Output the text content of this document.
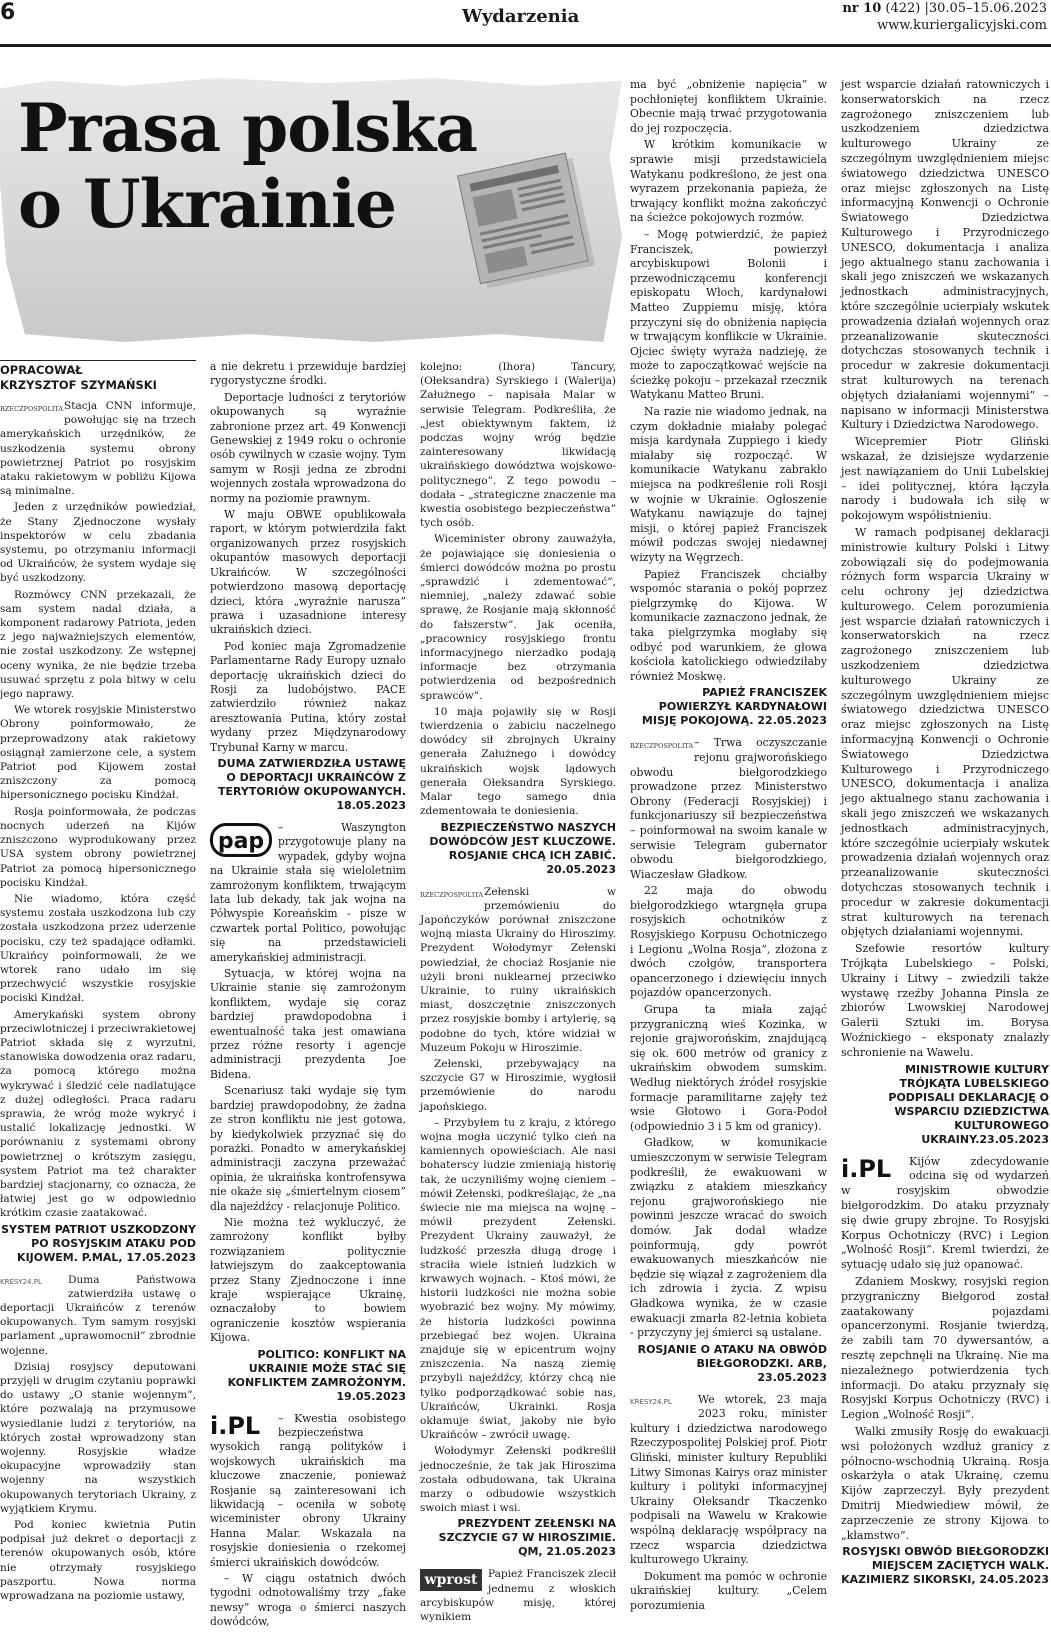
6	Wydarzenia	nr 10 (422) |30.05–15.06.2023
www.kuriergalicyjski.com
Prasa polska
o Ukrainie
OPRACOWAŁ
KRZYSZTOF SZYMAŃSKI
RZECZPOSPOLITA Stacja CNN informuje, powołując się na trzech amerykańskich urzędników, że uszkodzenia systemu obrony powietrznej Patriot po rosyjskim ataku rakietowym w pobliżu Kijowa są minimalne.

Jeden z urzędników powiedział, że Stany Zjednoczone wysłały inspektorów w celu zbadania systemu, po otrzymaniu informacji od Ukraińców, że system wydaje się być uszkodzony.

Rozmówcy CNN przekazali, że sam system nadal działa, a komponent radarowy Patriota, jeden z jego najważniejszych elementów, nie został uszkodzony. Ze wstępnej oceny wynika, że nie będzie trzeba usuwać sprzętu z pola bitwy w celu jego naprawy.

We wtorek rosyjskie Ministerstwo Obrony poinformowało, że przeprowadzony atak rakietowy osiągnął zamierzone cele, a system Patriot pod Kijowem został zniszczony za pomocą hipersonicznego pocisku Kindżał.

Rosja poinformowała, że podczas nocnych uderzeń na Kijów zniszczono wyprodukowany przez USA system obrony powietrznej Patriot za pomocą hipersonicznego pocisku Kindżał.

Nie wiadomo, która część systemu została uszkodzona lub czy została uszkodzona przez uderzenie pocisku, czy też spadające odłamki. Ukraińcy poinformowali, że we wtorek rano udało im się przechwycić wszystkie rosyjskie pociski Kindżał.

Amerykański system obrony przeciwlotniczej i przeciwrakietowej Patriot składa się z wyrzutni, stanowiska dowodzenia oraz radaru, za pomocą którego można wykrywać i śledzić cele nadlatujące z dużej odległości. Praca radaru sprawia, że wróg może wykryć i ustalić lokalizację jednostki. W porównaniu z systemami obrony powietrznej o krótszym zasięgu, system Patriot ma też charakter bardziej stacjonarny, co oznacza, że łatwiej jest go w odpowiednio krótkim czasie zaatakować.

SYSTEM PATRIOT USZKODZONY PO ROSYJSKIM ATAKU POD KIJOWEM. P.MAL, 17.05.2023
KRESY24.PL	Duma Państwowa zatwierdziła ustawę o deportacji Ukraińców z terenów okupowanych. Tym samym rosyjski parlament „uprawomocnił” zbrodnie wojenne.

Dzisiaj rosyjscy deputowani przyjęli w drugim czytaniu poprawki do ustawy „O stanie wojennym”, które pozwalają na przymusowe wysiedlanie ludzi z terytoriów, na których został wprowadzony stan wojenny. Rosyjskie władze okupacyjne wprowadziły stan wojenny na wszystkich okupowanych terytoriach Ukrainy, z wyjątkiem Krymu.

Pod koniec kwietnia Putin podpisał już dekret o deportacji z terenów okupowanych osób, które nie otrzymały rosyjskiego paszportu. Nowa norma wprowadzana na poziomie ustawy,

a nie dekretu i przewiduje bardziej rygorystyczne środki.

Deportacje ludności z terytoriów okupowanych są wyraźnie zabronione przez art. 49 Konwencji Genewskiej z 1949 roku o ochronie osób cywilnych w czasie wojny. Tym samym w Rosji jedna ze zbrodni wojennych została wprowadzona do normy na poziomie prawnym.

W maju OBWE opublikowała raport, w którym potwierdziła fakt organizowanych przez rosyjskich okupantów masowych deportacji Ukraińców. W szczególności potwierdzono masową deportację dzieci, która „wyraźnie narusza” prawa i uzasadnione interesy ukraińskich dzieci.

Pod koniec maja Zgromadzenie Parlamentarne Rady Europy uznało deportację ukraińskich dzieci do Rosji za ludobójstwo. PACE zatwierdziło również nakaz aresztowania Putina, który został wydany przez Międzynarodowy Trybunał Karny w marcu.

DUMA ZATWIERDZIŁA USTAWĘ O DEPORTACJI UKRAIŃCÓW Z TERYTORIÓW OKUPOWANYCH. 18.05.2023
pap

– Waszyngton przygotowuje plany na wypadek, gdyby wojna na Ukrainie stała się wieloletnim zamrożonym konfliktem, trwającym lata lub dekady, tak jak wojna na Półwyspie Koreańskim - pisze w czwartek portal Politico, powołując się na przedstawicieli amerykańskiej administracji.

Sytuacja, w której wojna na Ukrainie stanie się zamrożonym konfliktem, wydaje się coraz bardziej prawdopodobna i ewentualność taka jest omawiana przez różne resorty i agencje administracji prezydenta Joe Bidena.

Scenariusz taki wydaje się tym bardziej prawdopodobny, że żadna ze stron konfliktu nie jest gotowa, by kiedykolwiek przyznać się do porażki. Ponadto w amerykańskiej administracji zaczyna przeważać opinia, że ukraińska kontrofensywa nie okaże się „śmiertelnym ciosem” dla najeźdźcy - relacjonuje Politico.

Nie można też wykluczyć, że zamrożony konflikt byłby rozwiązaniem politycznie łatwiejszym do zaakceptowania przez Stany Zjednoczone i inne kraje wspierające Ukrainę, oznaczałoby to bowiem ograniczenie kosztów wspierania Kijowa.

POLITICO: KONFLIKT NA UKRAINIE MOŻE STAĆ SIĘ KONFLIKTEM ZAMROŻONYM. 19.05.2023
i.PL	– Kwestia osobistego bezpieczeństwa wysokich rangą polityków i wojskowych ukraińskich ma kluczowe znaczenie, ponieważ Rosjanie są zainteresowani ich likwidacją – oceniła w sobotę wiceminister obrony Ukrainy Hanna Malar. Wskazała na rosyjskie doniesienia o rzekomej śmierci ukraińskich dowódców.

– W ciągu ostatnich dwóch tygodni odnotowaliśmy trzy „fake newsy” wroga o śmierci naszych dowódców,

kolejno: (Ihora) Tancury, (Ołeksandra) Syrskiego i (Walerija) Załużnego – napisała Malar w serwisie Telegram. Podkreśliła, że „jest obiektywnym faktem, iż podczas wojny wróg będzie zainteresowany likwidacją ukraińskiego dowództwa wojskowo-politycznego”. Z tego powodu – dodała – „strategiczne znaczenie ma kwestia osobistego bezpieczeństwa” tych osób.

Wiceminister obrony zauważyła, że pojawiające się doniesienia o śmierci dowódców można po prostu „sprawdzić i zdementować”, niemniej, „należy zdawać sobie sprawę, że Rosjanie mają skłonność do fałszerstw”. Jak oceniła, „pracownicy rosyjskiego frontu informacyjnego nierzadko podają informacje bez otrzymania potwierdzenia od bezpośrednich sprawców”.

10 maja pojawiły się w Rosji twierdzenia o zabiciu naczelnego dowódcy sił zbrojnych Ukrainy generała Załużnego i dowódcy ukraińskich wojsk lądowych generała Ołeksandra Syrskiego. Malar tego samego dnia zdementowała te doniesienia.

BEZPIECZEŃSTWO NASZYCH DOWÓDCÓW JEST KLUCZOWE. ROSJANIE CHCĄ ICH ZABIĆ. 20.05.2023
RZECZPOSPOLITA Zełenski w przemówieniu do Japończyków porównał zniszczone wojną miasta Ukrainy do Hiroszimy. Prezydent Wołodymyr Zełenski powiedział, że chociaż Rosjanie nie użyli broni nuklearnej przeciwko Ukrainie, to ruiny ukraińskich miast, doszczętnie zniszczonych przez rosyjskie bomby i artylerię, są podobne do tych, które widział w Muzeum Pokoju w Hiroszimie.

Zełenski, przebywający na szczycie G7 w Hiroszimie, wygłosił przemówienie do narodu japońskiego.

– Przybyłem tu z kraju, z którego wojna mogła uczynić tylko cień na kamiennych opowieściach. Ale nasi bohaterscy ludzie zmieniają historię tak, że uczyniliśmy wojnę cieniem – mówił Zełenski, podkreślając, że „na świecie nie ma miejsca na wojnę – mówił prezydent Zełenski. Prezydent Ukrainy zauważył, że ludzkość przeszła długą drogę i straciła wiele istnień ludzkich w krwawych wojnach. – Ktoś mówi, że historii ludzkości nie można sobie wyobrazić bez wojny. My mówimy, że historia ludzkości powinna przebiegać bez wojen. Ukraina znajduje się w epicentrum wojny zniszczenia. Na naszą ziemię przybyli najeźdźcy, którzy chcą nie tylko podporządkować sobie nas, Ukraińców, Ukrainki. Rosja okłamuje świat, jakoby nie było Ukraińców – zwrócił uwagę.

Wołodymyr Zełenski podkreślił jednocześnie, że tak jak Hiroszima została odbudowana, tak Ukraina marzy o odbudowie wszystkich swoich miast i wsi.

PREZYDENT ZEŁENSKI NA SZCZYCIE G7 W HIROSZIMIE. QM, 21.05.2023
wprost Papież Franciszek zlecił jednemu z włoskich arcybiskupów misję, której wynikiem

ma być „obniżenie napięcia” w pochłoniętej konfliktem Ukrainie. Obecnie mają trwać przygotowania do jej rozpoczęcia.

W krótkim komunikacie w sprawie misji przedstawiciela Watykanu podkreślono, że jest ona wyrazem przekonania papieża, że trwający konflikt można zakończyć na ścieżce pokojowych rozmów.

– Mogę potwierdzić, że papież Franciszek, powierzył arcybiskupowi Bolonii i przewodniczącemu konferencji episkopatu Włoch, kardynałowi Matteo Zuppiemu misję, która przyczyni się do obniżenia napięcia w trwającym konflikcie w Ukrainie. Ojciec święty wyraża nadzieję, że może to zapoczątkować wejście na ścieżkę pokoju – przekazał rzecznik Watykanu Matteo Bruni.

Na razie nie wiadomo jednak, na czym dokładnie miałaby polegać misja kardynała Zuppiego i kiedy miałaby się rozpocząć. W komunikacie Watykanu zabrakło miejsca na podkreślenie roli Rosji w wojnie w Ukrainie. Ogłoszenie Watykanu nawiązuje do tajnej misji, o której papież Franciszek mówił podczas swojej niedawnej wizyty na Węgrzech.

Papież Franciszek chciałby wspomóc starania o pokój poprzez pielgrzymkę do Kijowa. W komunikacie zaznaczono jednak, że taka pielgrzymka mogłaby się odbyć pod warunkiem, że głowa kościoła katolickiego odwiedziłaby również Moskwę.

PAPIEŻ FRANCISZEK POWIERZYŁ KARDYNAŁOWI MISJĘ POKOJOWĄ. 22.05.2023
RZECZPOSPOLITA – Trwa oczyszczanie rejonu grajworońskiego obwodu biełgorodzkiego prowadzone przez Ministerstwo Obrony (Federacji Rosyjskiej) i funkcjonariuszy sił bezpieczeństwa – poinformował na swoim kanale w serwisie Telegram gubernator obwodu biełgorodzkiego, Wiaczesław Gładkow.

22 maja do obwodu biełgorodzkiego wtargnęła grupa rosyjskich ochotników z Rosyjskiego Korpusu Ochotniczego i Legionu „Wolna Rosja”, złożona z dwóch czołgów, transportera opancerzonego i dziewięciu innych pojazdów opancerzonych.

Grupa ta miała zająć przygraniczną wieś Kozinka, w rejonie grajworońskim, znajdującą się ok. 600 metrów od granicy z ukraińskim obwodem sumskim. Według niektórych źródeł rosyjskie formacje paramilitarne zajęły też wsie Głotowo i Gora-Podoł (odpowiednio 3 i 5 km od granicy).

Gładkow, w komunikacie umieszczonym w serwisie Telegram podkreślił, że ewakuowani w związku z atakiem mieszkańcy rejonu grajworońskiego nie powinni jeszcze wracać do swoich domów. Jak dodał władze poinformują, gdy powrót ewakuowanych mieszkańców nie będzie się wiązał z zagrożeniem dla ich zdrowia i życia. Z wpisu Gładkowa wynika, że w czasie ewakuacji zmarła 82-letnia kobieta - przyczyny jej śmierci są ustalane.

ROSJANIE O ATAKU NA OBWÓD BIEŁGORODZKI. ARB, 23.05.2023
KRESY24.PL	We wtorek, 23 maja 2023 roku, minister kultury i dziedzictwa narodowego Rzeczypospolitej Polskiej prof. Piotr Gliński, minister kultury Republiki Litwy Simonas Kairys oraz minister kultury i polityki informacyjnej Ukrainy Ołeksandr Tkaczenko podpisali na Wawelu w Krakowie wspólną deklarację współpracy na rzecz wsparcia dziedzictwa kulturowego Ukrainy.

Dokument ma pomóc w ochronie ukraińskiej kultury. „Celem porozumienia

jest wsparcie działań ratowniczych i konserwatorskich na rzecz zagrożonego zniszczeniem lub uszkodzeniem dziedzictwa kulturowego Ukrainy ze szczególnym uwzględnieniem miejsc światowego dziedzictwa UNESCO oraz miejsc zgłoszonych na Listę informacyjną Konwencji o Ochronie Światowego Dziedzictwa Kulturowego i Przyrodniczego UNESCO, dokumentacja i analiza jego aktualnego stanu zachowania i skali jego zniszczeń we wskazanych jednostkach administracyjnych, które szczególnie ucierpiały wskutek prowadzenia działań wojennych oraz przeanalizowanie skuteczności dotychczas stosowanych technik i procedur w zakresie dokumentacji strat kulturowych na terenach objętych działaniami wojennymi” – napisano w informacji Ministerstwa Kultury i Dziedzictwa Narodowego.

Wicepremier Piotr Gliński wskazał, że dzisiejsze wydarzenie jest nawiązaniem do Unii Lubelskiej – idei politycznej, która łączyła narody i budowała ich siłę w pokojowym współistnieniu.

W ramach podpisanej deklaracji ministrowie kultury Polski i Litwy zobowiązali się do podejmowania różnych form wsparcia Ukrainy w celu ochrony jej dziedzictwa kulturowego. Celem porozumienia jest wsparcie działań ratowniczych i konserwatorskich na rzecz zagrożonego zniszczeniem lub uszkodzeniem dziedzictwa kulturowego Ukrainy ze szczególnym uwzględnieniem miejsc światowego dziedzictwa UNESCO oraz miejsc zgłoszonych na Listę informacyjną Konwencji o Ochronie Światowego Dziedzictwa Kulturowego i Przyrodniczego UNESCO, dokumentacja i analiza jego aktualnego stanu zachowania i skali jego zniszczeń we wskazanych jednostkach administracyjnych, które szczególnie ucierpiały wskutek prowadzenia działań wojennych oraz przeanalizowanie skuteczności dotychczas stosowanych technik i procedur w zakresie dokumentacji strat kulturowych na terenach objętych działaniami wojennymi.

Szefowie resortów kultury Trójkąta Lubelskiego – Polski, Ukrainy i Litwy – zwiedzili także wystawę rzeźby Johanna Pinsla ze zbiorów Lwowskiej Narodowej Galerii Sztuki im. Borysa Woźnickiego – eksponaty znalazły schronienie na Wawelu.

MINISTROWIE KULTURY TRÓJKĄTA LUBELSKIEGO PODPISALI DEKLARACJĘ O WSPARCIU DZIEDZICTWA KULTUROWEGO UKRAINY.23.05.2023
i.PL	Kijów zdecydowanie odcina się od wydarzeń w rosyjskim obwodzie biełgorodzkim. Do ataku przyznały się dwie grupy zbrojne. To Rosyjski Korpus Ochotniczy (RVC) i Legion „Wolność Rosji”. Kreml twierdzi, że sytuację udało się już opanować.

Zdaniem Moskwy, rosyjski region przygraniczny Biełgorod został zaatakowany pojazdami opancerzonymi. Rosjanie twierdzą, że zabili tam 70 dywersantów, a resztę zepchnęli na Ukrainę. Nie ma niezależnego potwierdzenia tych informacji. Do ataku przyznały się Rosyjski Korpus Ochotniczy (RVC) i Legion „Wolność Rosji”.

Walki zmusiły Rosję do ewakuacji wsi położonych wzdłuż granicy z północno-wschodnią Ukrainą. Rosja oskarżyła o atak Ukrainę, czemu Kijów zaprzeczył. Były prezydent Dmitrij Miedwiediew mówił, że zaprzeczenie ze strony Kijowa to „kłamstwo”.

ROSYJSKI OBWÓD BIEŁGORODZKI MIEJSCEM ZACIĘTYCH WALK. KAZIMIERZ SIKORSKI, 24.05.2023
